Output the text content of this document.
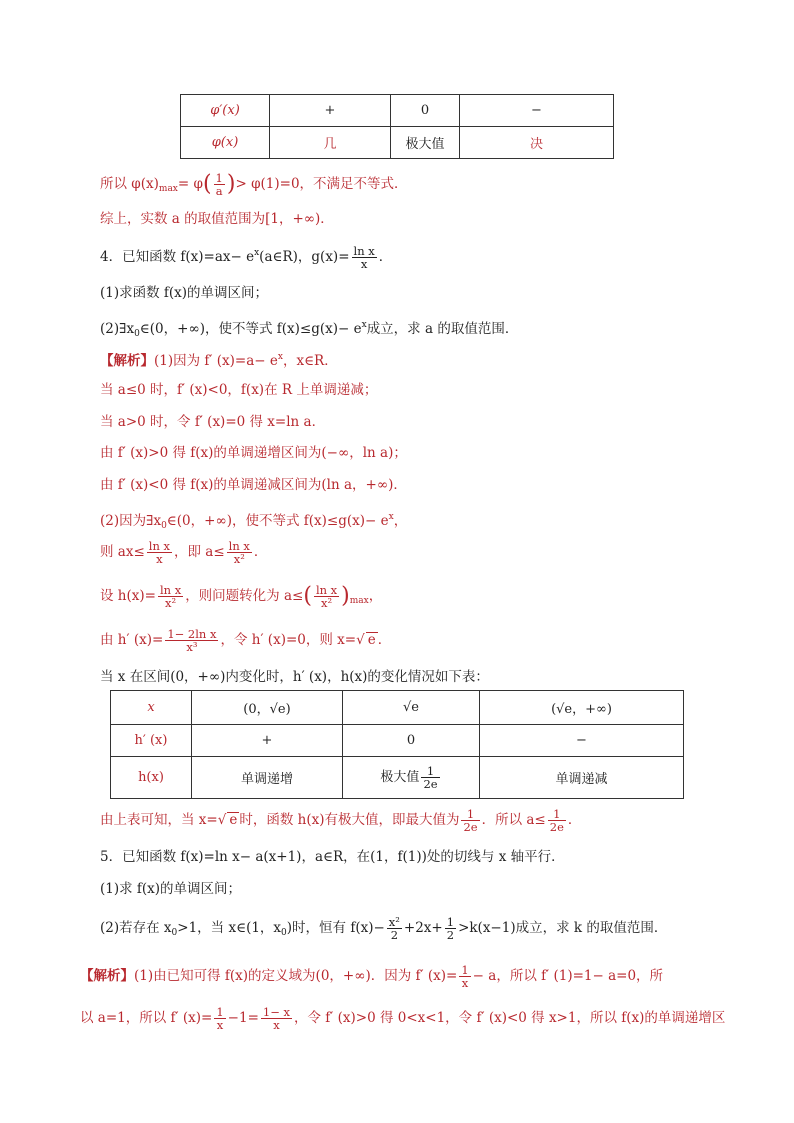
φ′(x)	+	0	−
φ(x)	几	极大值	决
所以 $\varphi(x)_{max}= \varphi( \frac{1}{a}$ )> φ(1)=0，不满足不等式．
综上，实数 a 的取值范围为[1，+∞)．
4．已知函数 $f(x)=ax- e^x(a\in R)$，$g(x)= \frac{\text{ln x}}{x}$ ．
(1)求函数 f(x)的单调区间；
$(2)\exists x_0\in(0$，+∞)，使不等式 $f(x)\le g(x)- e^x$成立，求 a 的取值范围．
【解析】(1)因为 f′ $(x)=a- e^x$，x∈R．
当 a≤0 时，f′ (x)<0，f(x)在 R 上单调递减；
当 a>0 时，令 f′ (x)=0 得 x=ln a．
由 f′ (x)>0 得 f(x)的单调递增区间为(−∞，ln a)；
由 f′ (x)<0 得 f(x)的单调递减区间为(ln a，+∞)．
(2)因为$\exists x_0\in(0$，+∞)，使不等式 $f(x)\le g(x)- e^x$，
则 $ax\le \frac{\text{ln x}}{x}$ ，即 $a\le \frac{\text{ln x}}{\text{x²}}$ ．
设 $h(x)= \frac{\text{ln x}}{\text{x²}}$ ，则问题转化为 $a\le( \frac{\text{ln x}}{\text{x²}} )_{max}$，
由 h′ $(x)= \frac{\text{1− 2ln x}}{\text{x³}}$ ，令 h′ (x)=0，则 x=√ e ．
当 x 在区间(0，+∞)内变化时，h′ (x)，h(x)的变化情况如下表：
x	(0，√e)	√e	(√e，+∞)
h′ (x)	+	0	−
h(x)	单调递增	极大值 $\frac{1}{2e}$	单调递减
由上表可知，当 x=√ e 时，函数 h(x)有极大值，即最大值为 $\frac{1}{2e}$ ．所以 $a\le \frac{1}{2e}$ ．
5．已知函数 f(x)=ln x− a(x+1)，a∈R，在(1，f(1))处的切线与 x 轴平行．
(1)求 f(x)的单调区间；
(2)若存在 $x_0>1$，当 x∈(1，$x_0$)时，恒有 $f(x)- \frac{\text{x²}}{2} +2x+ \frac{1}{2} >k(x-1)$成立，求 k 的取值范围．
【解析】(1)由已知可得 f(x)的定义域为(0，+∞)．因为 f′ $(x)= \frac{1}{x} - a$，所以 f′ (1)=1− a=0，所
以 a=1，所以 f′ $(x)= \frac{1}{x} -1= \frac{1- x}{x}$ ，令 f′ (x)>0 得 0<x<1，令 f′ (x)<0 得 x>1，所以 f(x)的单调递增区
